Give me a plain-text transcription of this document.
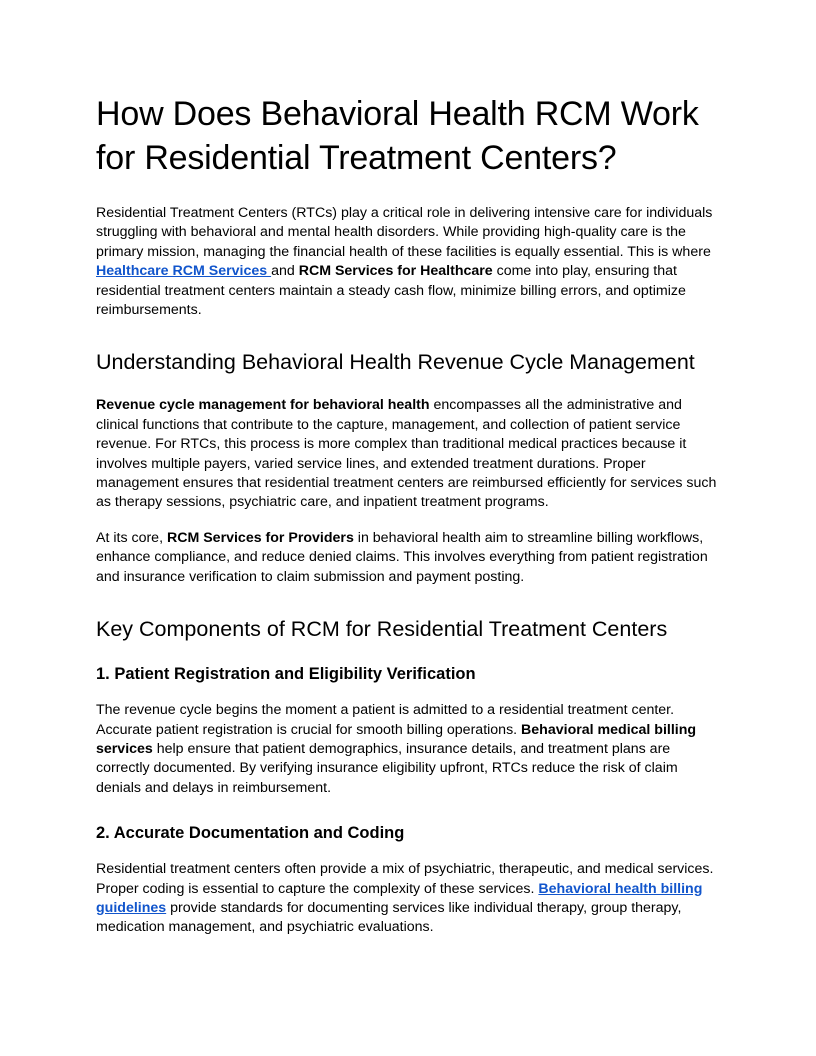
How Does Behavioral Health RCM Work for Residential Treatment Centers?

Residential Treatment Centers (RTCs) play a critical role in delivering intensive care for individuals struggling with behavioral and mental health disorders. While providing high-quality care is the primary mission, managing the financial health of these facilities is equally essential. This is where Healthcare RCM Services and RCM Services for Healthcare come into play, ensuring that residential treatment centers maintain a steady cash flow, minimize billing errors, and optimize reimbursements.

Understanding Behavioral Health Revenue Cycle Management

Revenue cycle management for behavioral health encompasses all the administrative and clinical functions that contribute to the capture, management, and collection of patient service revenue. For RTCs, this process is more complex than traditional medical practices because it involves multiple payers, varied service lines, and extended treatment durations. Proper management ensures that residential treatment centers are reimbursed efficiently for services such as therapy sessions, psychiatric care, and inpatient treatment programs.

At its core, RCM Services for Providers in behavioral health aim to streamline billing workflows, enhance compliance, and reduce denied claims. This involves everything from patient registration and insurance verification to claim submission and payment posting.

Key Components of RCM for Residential Treatment Centers
1. Patient Registration and Eligibility Verification

The revenue cycle begins the moment a patient is admitted to a residential treatment center. Accurate patient registration is crucial for smooth billing operations. Behavioral medical billing services help ensure that patient demographics, insurance details, and treatment plans are correctly documented. By verifying insurance eligibility upfront, RTCs reduce the risk of claim denials and delays in reimbursement.

2. Accurate Documentation and Coding

Residential treatment centers often provide a mix of psychiatric, therapeutic, and medical services. Proper coding is essential to capture the complexity of these services. Behavioral health billing guidelines provide standards for documenting services like individual therapy, group therapy, medication management, and psychiatric evaluations.
